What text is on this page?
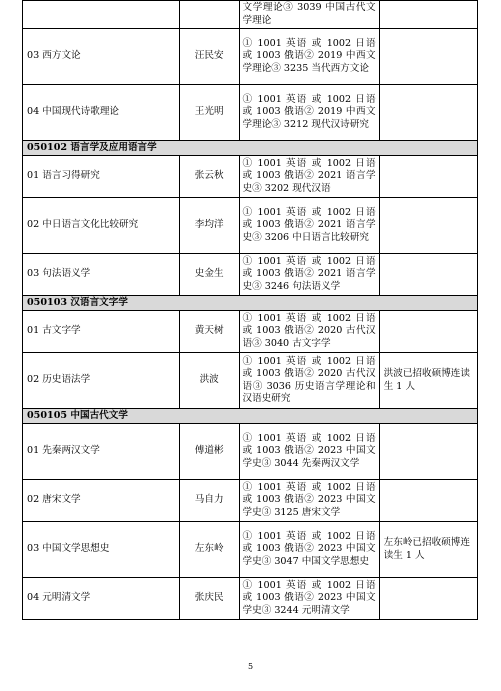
		文学理论③ 3039 中国古代文学理论	
03 西方文论	汪民安	① 1001 英语 或 1002 日语 或 1003 俄语② 2019 中西文学理论③ 3235 当代西方文论	
04 中国现代诗歌理论	王光明	① 1001 英语 或 1002 日语 或 1003 俄语② 2019 中西文学理论③ 3212 现代汉诗研究	
050102 语言学及应用语言学			
01 语言习得研究	张云秋	① 1001 英语 或 1002 日语 或 1003 俄语② 2021 语言学史③ 3202 现代汉语	
02 中日语言文化比较研究	李均洋	① 1001 英语 或 1002 日语 或 1003 俄语② 2021 语言学史③ 3206 中日语言比较研究	
03 句法语义学	史金生	① 1001 英语 或 1002 日语 或 1003 俄语② 2021 语言学史③ 3246 句法语义学	
050103 汉语言文字学			
01 古文字学	黄天树	① 1001 英语 或 1002 日语 或 1003 俄语② 2020 古代汉语③ 3040 古文字学	
02 历史语法学	洪波	① 1001 英语 或 1002 日语 或 1003 俄语② 2020 古代汉语③ 3036 历史语言学理论和汉语史研究	洪波已招收硕博连读生 1 人
050105 中国古代文学			
01 先秦两汉文学	傅道彬	① 1001 英语 或 1002 日语 或 1003 俄语② 2023 中国文学史③ 3044 先秦两汉文学	
02 唐宋文学	马自力	① 1001 英语 或 1002 日语 或 1003 俄语② 2023 中国文学史③ 3125 唐宋文学	
03 中国文学思想史	左东岭	① 1001 英语 或 1002 日语 或 1003 俄语② 2023 中国文学史③ 3047 中国文学思想史	左东岭已招收硕博连读生 1 人
04 元明清文学	张庆民	① 1001 英语 或 1002 日语 或 1003 俄语② 2023 中国文学史③ 3244 元明清文学	
5
